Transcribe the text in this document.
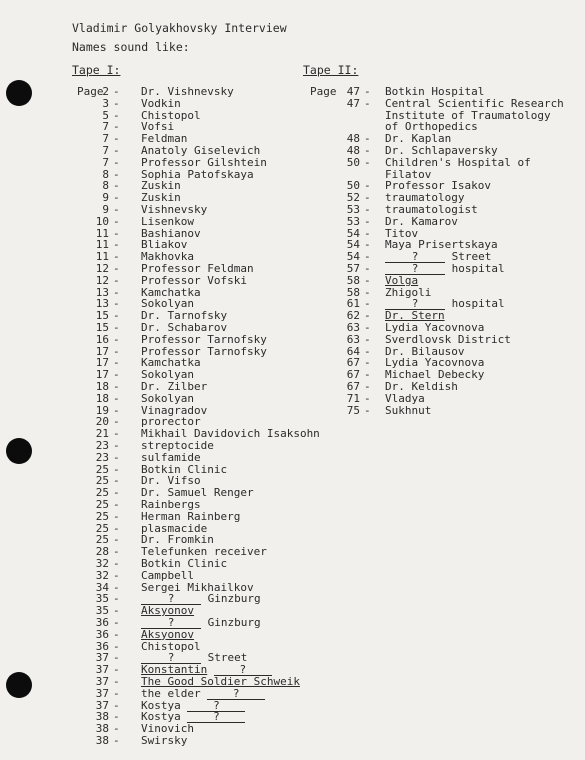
Vladimir Golyakhovsky Interview
Names sound like:
Tape I:	Tape II:
Page	Page
2 - Dr. Vishnevsky
3 - Vodkin
5 - Chistopol
7 - Vofsi
7 - Feldman
7 - Anatoly Giselevich
7 - Professor Gilshtein
8 - Sophia Patofskaya
8 - Zuskin
9 - Zuskin
9 - Vishnevsky
10 - Lisenkow
11 - Bashianov
11 - Bliakov
11 - Makhovka
12 - Professor Feldman
12 - Professor Vofski
13 - Kamchatka
13 - Sokolyan
15 - Dr. Tarnofsky
15 - Dr. Schabarov
16 - Professor Tarnofsky
17 - Professor Tarnofsky
17 - Kamchatka
17 - Sokolyan
18 - Dr. Zilber
18 - Sokolyan
19 - Vinagradov
20 - prorector
21 - Mikhail Davidovich Isaksohn
23 - streptocide
23 - sulfamide
25 - Botkin Clinic
25 - Dr. Vifso
25 - Dr. Samuel Renger
25 - Rainbergs
25 - Herman Rainberg
25 - plasmacide
25 - Dr. Fromkin
28 - Telefunken receiver
32 - Botkin Clinic
32 - Campbell
34 - Sergei Mikhailkov
35 -	?	Ginzburg
35 - Aksyonov
36 -	?	Ginzburg
36 - Aksyonov
36 - Chistopol
37 -	?	Street
37 - Konstantin	?
37 - The Good Soldier Schweik
37 - the elder	?
37 - Kostya	?
38 - Kostya	?
38 - Vinovich
38 - Swirsky
47 - Botkin Hospital
47 - Central Scientific Research
Institute of Traumatology
of Orthopedics
48 - Dr. Kaplan
48 - Dr. Schlapaversky
50 - Children's Hospital of
Filatov
50 - Professor Isakov
52 - traumatology
53 - traumatologist
53 - Dr. Kamarov
54 - Titov
54 - Maya Prisertskaya
54 -	?	Street
57 -	?	hospital
58 - Volga
58 - Zhigoli
61 -	?	hospital
62 - Dr. Stern
63 - Lydia Yacovnova
63 - Sverdlovsk District
64 - Dr. Bilausov
67 - Lydia Yacovnova
67 - Michael Debecky
67 - Dr. Keldish
71 - Vladya
75 - Sukhnut
